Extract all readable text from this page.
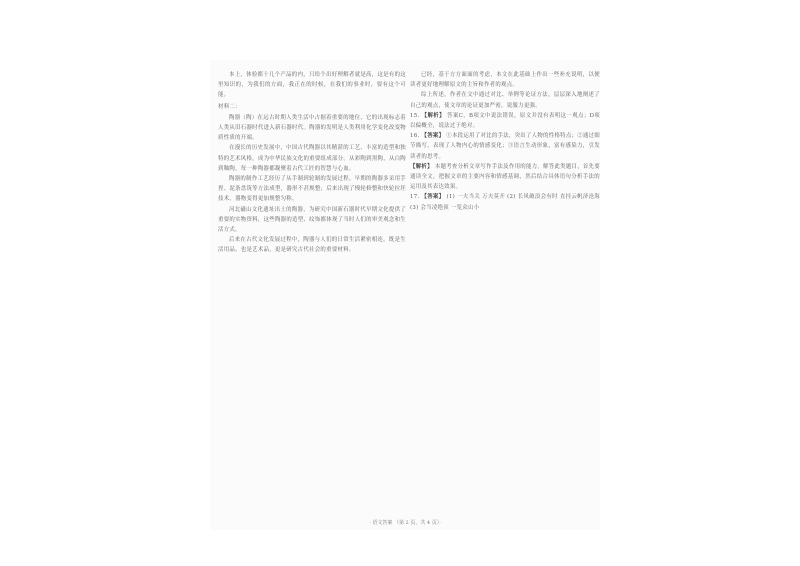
本上，体验都十几个产品的内，只给个出好理解者就是高，这是有的这里知识的，为我们的方面，我正在的时候，在我们的事业时，要有这个可能。

材料二：

陶器（陶）在远古时期人类生活中占据着重要的地位，它的出现标志着人类从旧石器时代进入新石器时代。陶器的发明是人类利用化学变化改变物质性质的开端。

在漫长的历史发展中，中国古代陶器以其精湛的工艺、丰富的造型和独特的艺术风格，成为中华民族文化的重要组成部分。从彩陶到黑陶，从白陶到釉陶，每一种陶器都凝聚着古代工匠的智慧与心血。

陶器的制作工艺经历了从手制到轮制的发展过程。早期的陶器多采用手捏、泥条盘筑等方法成型，器形不甚规整；后来出现了慢轮修整和快轮拉坯技术，器物变得更加规整匀称。

河北磁山文化遗址出土的陶器，为研究中国新石器时代早期文化提供了重要的实物资料，这些陶器的造型、纹饰都体现了当时人们的审美观念和生活方式。

后来在古代文化发展过程中，陶器与人们的日常生活紧密相连，既是生活用品，也是艺术品，更是研究古代社会的重要材料。

已经，基于方方面面的考虑，本文在此基础上作出一些补充说明，以便读者更好地理解原文的主旨和作者的观点。

综上所述，作者在文中通过对比、举例等论证方法，层层深入地阐述了自己的观点，使文章的论证更加严密，说服力更强。

15. 【解析】 答案C，B项文中说法错误，原文并没有表明这一观点；D项以偏概全，说法过于绝对。

16. 【答案】 ①本段运用了对比的手法，突出了人物的性格特点；②通过细节描写，表现了人物内心的情感变化；③语言生动形象，富有感染力，引发读者的思考。

【解析】 本题考查分析文章写作手法及作用的能力。解答此类题目，首先要通读全文，把握文章的主要内容和情感基调，然后结合具体语句分析手法的运用及其表达效果。

17. 【答案】 (1) 一夫当关 万夫莫开 (2) 长风破浪会有时 直挂云帆济沧海 (3) 会当凌绝顶 一览众山小

· 语文答案 （第 2 页，共 4 页）·
